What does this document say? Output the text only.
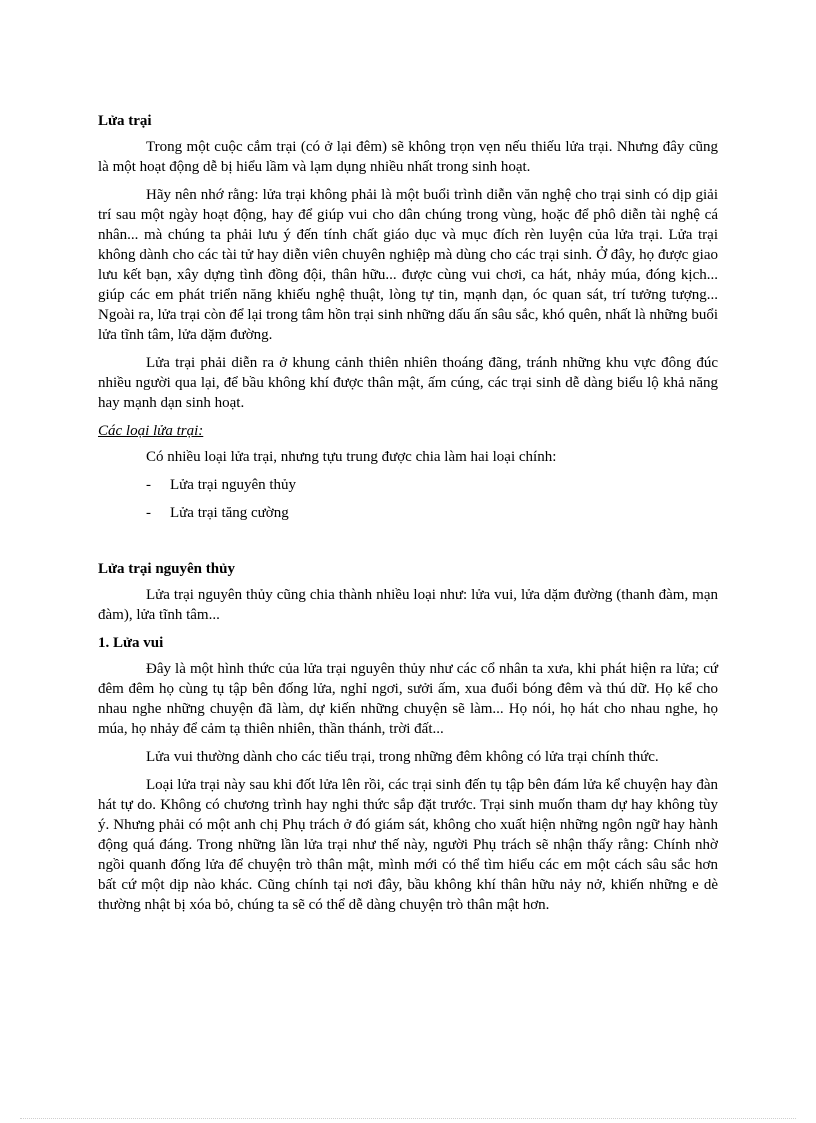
Lửa trại

Trong một cuộc cắm trại (có ở lại đêm) sẽ không trọn vẹn nếu thiếu lửa trại. Nhưng đây cũng là một hoạt động dễ bị hiểu lầm và lạm dụng nhiều nhất trong sinh hoạt.

Hãy nên nhớ rằng: lửa trại không phải là một buổi trình diễn văn nghệ cho trại sinh có dịp giải trí sau một ngày hoạt động, hay để giúp vui cho dân chúng trong vùng, hoặc để phô diễn tài nghệ cá nhân... mà chúng ta phải lưu ý đến tính chất giáo dục và mục đích rèn luyện của lửa trại. Lửa trại không dành cho các tài tử hay diễn viên chuyên nghiệp mà dùng cho các trại sinh. Ở đây, họ được giao lưu kết bạn, xây dựng tình đồng đội, thân hữu... được cùng vui chơi, ca hát, nhảy múa, đóng kịch... giúp các em phát triển năng khiếu nghệ thuật, lòng tự tin, mạnh dạn, óc quan sát, trí tưởng tượng... Ngoài ra, lửa trại còn để lại trong tâm hồn trại sinh những dấu ấn sâu sắc, khó quên, nhất là những buổi lửa tĩnh tâm, lửa dặm đường.

Lửa trại phải diễn ra ở khung cảnh thiên nhiên thoáng đãng, tránh những khu vực đông đúc nhiều người qua lại, để bầu không khí được thân mật, ấm cúng, các trại sinh dễ dàng biểu lộ khả năng hay mạnh dạn sinh hoạt.

Các loại lửa trại:

Có nhiều loại lửa trại, nhưng tựu trung được chia làm hai loại chính:

- Lửa trại nguyên thủy
- Lửa trại tăng cường
Lửa trại nguyên thủy

Lửa trại nguyên thủy cũng chia thành nhiều loại như: lửa vui, lửa dặm đường (thanh đàm, mạn đàm), lửa tĩnh tâm...

1. Lửa vui

Đây là một hình thức của lửa trại nguyên thủy như các cổ nhân ta xưa, khi phát hiện ra lửa; cứ đêm đêm họ cùng tụ tập bên đống lửa, nghỉ ngơi, sưởi ấm, xua đuổi bóng đêm và thú dữ. Họ kể cho nhau nghe những chuyện đã làm, dự kiến những chuyện sẽ làm... Họ nói, họ hát cho nhau nghe, họ múa, họ nhảy để cảm tạ thiên nhiên, thần thánh, trời đất...

Lửa vui thường dành cho các tiểu trại, trong những đêm không có lửa trại chính thức.

Loại lửa trại này sau khi đốt lửa lên rồi, các trại sinh đến tụ tập bên đám lửa kể chuyện hay đàn hát tự do. Không có chương trình hay nghi thức sắp đặt trước. Trại sinh muốn tham dự hay không tùy ý. Nhưng phải có một anh chị Phụ trách ở đó giám sát, không cho xuất hiện những ngôn ngữ hay hành động quá đáng. Trong những lần lửa trại như thế này, người Phụ trách sẽ nhận thấy rằng: Chính nhờ ngồi quanh đống lửa để chuyện trò thân mật, mình mới có thể tìm hiểu các em một cách sâu sắc hơn bất cứ một dịp nào khác. Cũng chính tại nơi đây, bầu không khí thân hữu nảy nở, khiến những e dè thường nhật bị xóa bỏ, chúng ta sẽ có thể dễ dàng chuyện trò thân mật hơn.
